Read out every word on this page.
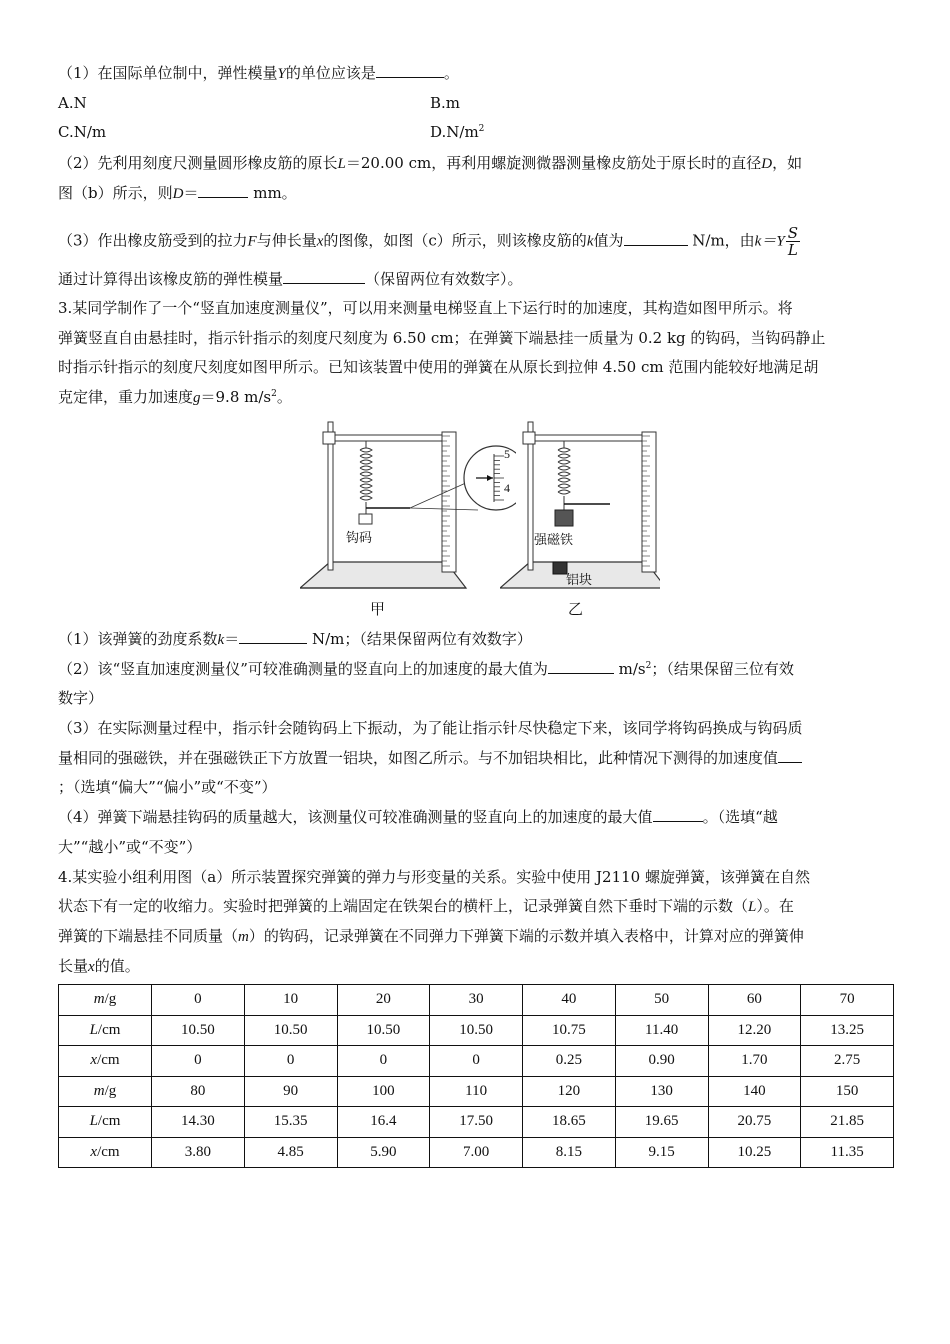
（1）在国际单位制中，弹性模量Y的单位应该是	。
A.N	B.m
C.N/m	$D.N/m^2$
（2）先利用刻度尺测量圆形橡皮筋的原长L＝20.00 cm，再利用螺旋测微器测量橡皮筋处于原长时的直径D，如
图（b）所示，则D＝	mm。
（3）作出橡皮筋受到的拉力F与伸长量x的图像，如图（c）所示，则该橡皮筋的k值为	N/m，由$k=Y \frac{S}{L}$
通过计算得出该橡皮筋的弹性模量	（保留两位有效数字）。
3.某同学制作了一个“竖直加速度测量仪”，可以用来测量电梯竖直上下运行时的加速度，其构造如图甲所示。将
弹簧竖直自由悬挂时，指示针指示的刻度尺刻度为 6.50 cm；在弹簧下端悬挂一质量为 0.2 kg 的钩码，当钩码静止
时指示针指示的刻度尺刻度如图甲所示。已知该装置中使用的弹簧在从原长到拉伸 4.50 cm 范围内能较好地满足胡
克定律，重力加速度g＝9.8 $m/s^2$。
钩码
5
4
甲
强磁铁
铝块
乙
（1）该弹簧的劲度系数k＝	N/m；（结果保留两位有效数字）
（2）该“竖直加速度测量仪”可较准确测量的竖直向上的加速度的最大值为	$m/s^2$；（结果保留三位有效
数字）
（3）在实际测量过程中，指示针会随钩码上下振动，为了能让指示针尽快稳定下来，该同学将钩码换成与钩码质
量相同的强磁铁，并在强磁铁正下方放置一铝块，如图乙所示。与不加铝块相比，此种情况下测得的加速度值
；（选填“偏大”“偏小”或“不变”）
（4）弹簧下端悬挂钩码的质量越大，该测量仪可较准确测量的竖直向上的加速度的最大值	。（选填“越
大”“越小”或“不变”）
4.某实验小组利用图（a）所示装置探究弹簧的弹力与形变量的关系。实验中使用 J2110 螺旋弹簧，该弹簧在自然
状态下有一定的收缩力。实验时把弹簧的上端固定在铁架台的横杆上，记录弹簧自然下垂时下端的示数（L）。在
弹簧的下端悬挂不同质量（m）的钩码，记录弹簧在不同弹力下弹簧下端的示数并填入表格中，计算对应的弹簧伸
长量x的值。
m/g	0	10	20	30	40	50	60	70
L/cm	10.50	10.50	10.50	10.50	10.75	11.40	12.20	13.25
x/cm	0	0	0	0	0.25	0.90	1.70	2.75
m/g	80	90	100	110	120	130	140	150
L/cm	14.30	15.35	16.4	17.50	18.65	19.65	20.75	21.85
x/cm	3.80	4.85	5.90	7.00	8.15	9.15	10.25	11.35
